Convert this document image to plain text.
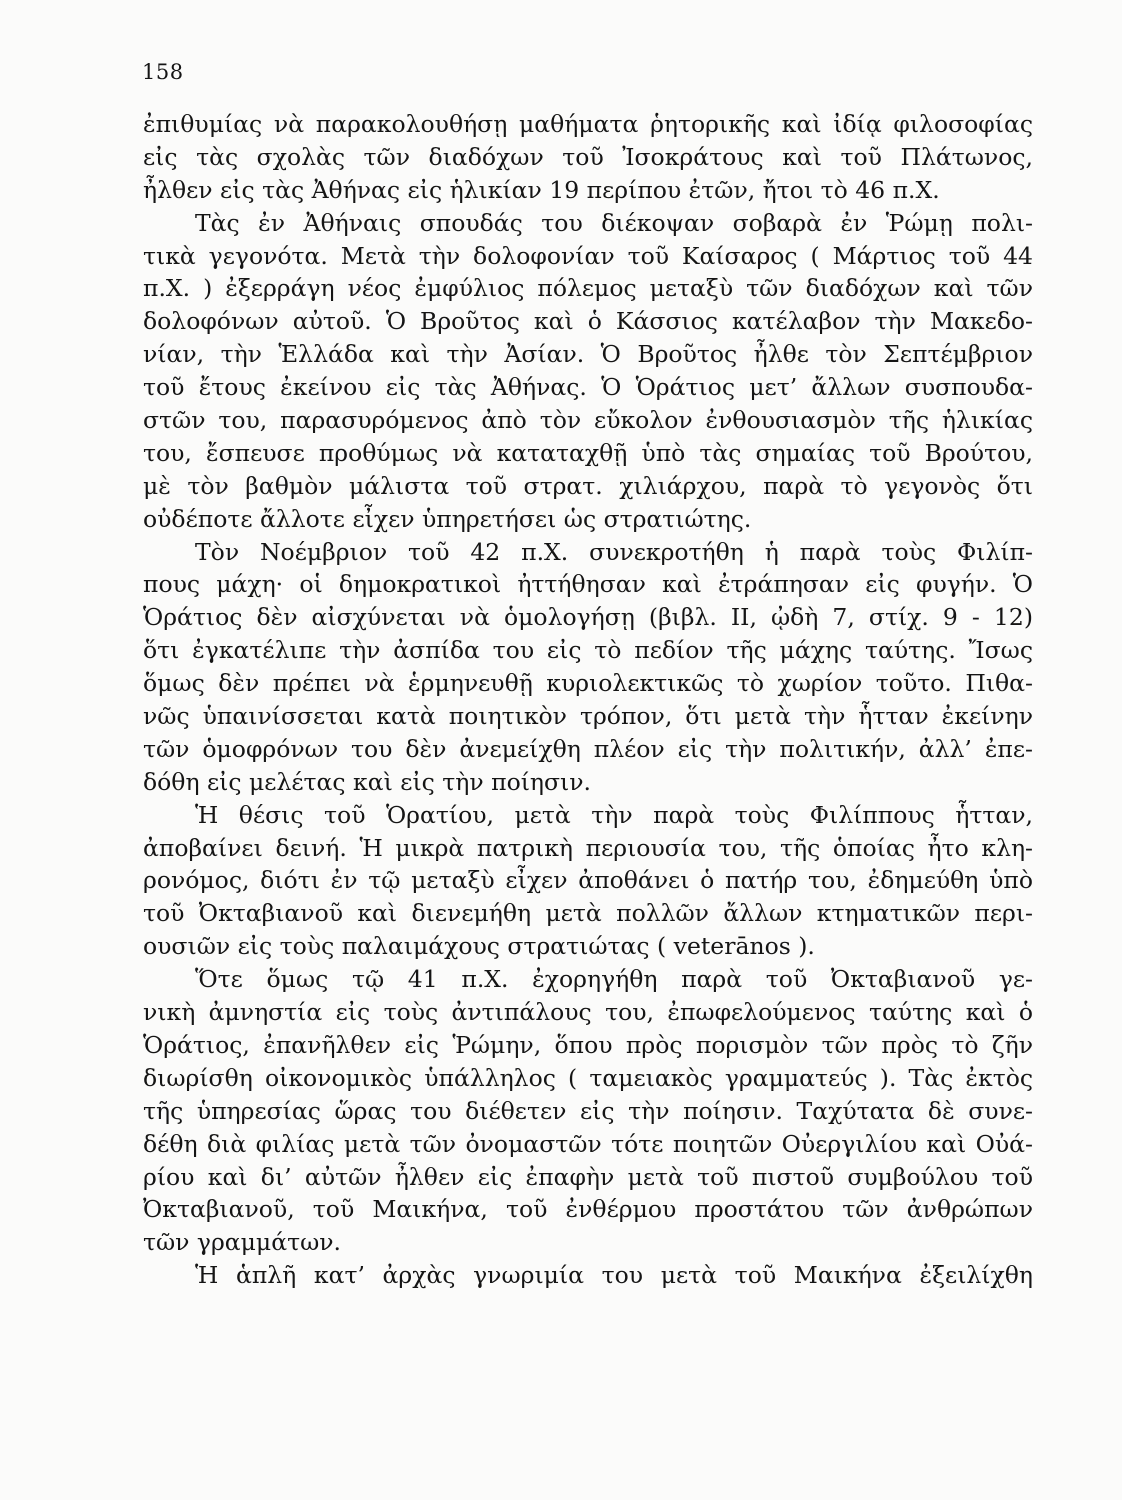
158
ἐπιθυμίας νὰ παρακολουθήσῃ μαθήματα ῥητορικῆς καὶ ἰδίᾳ φιλοσοφίας
εἰς τὰς σχολὰς τῶν διαδόχων τοῦ Ἰσοκράτους καὶ τοῦ Πλάτωνος,
ἦλθεν εἰς τὰς Ἀθήνας εἰς ἡλικίαν 19 περίπου ἐτῶν, ἤτοι τὸ 46 π.Χ.
Τὰς ἐν Ἀθήναις σπουδάς του διέκοψαν σοβαρὰ ἐν Ῥώμῃ πολι-
τικὰ γεγονότα. Μετὰ τὴν δολοφονίαν τοῦ Καίσαρος ( Μάρτιος τοῦ 44
π.Χ. ) ἐξερράγη νέος ἐμφύλιος πόλεμος μεταξὺ τῶν διαδόχων καὶ τῶν
δολοφόνων αὐτοῦ. Ὁ Βροῦτος καὶ ὁ Κάσσιος κατέλαβον τὴν Μακεδο-
νίαν, τὴν Ἑλλάδα καὶ τὴν Ἀσίαν. Ὁ Βροῦτος ἦλθε τὸν Σεπτέμβριον
τοῦ ἔτους ἐκείνου εἰς τὰς Ἀθήνας. Ὁ Ὁράτιος μετ’ ἄλλων συσπουδα-
στῶν του, παρασυρόμενος ἀπὸ τὸν εὔκολον ἐνθουσιασμὸν τῆς ἡλικίας
του, ἔσπευσε προθύμως νὰ καταταχθῇ ὑπὸ τὰς σημαίας τοῦ Βρούτου,
μὲ τὸν βαθμὸν μάλιστα τοῦ στρατ. χιλιάρχου, παρὰ τὸ γεγονὸς ὅτι
οὐδέποτε ἄλλοτε εἶχεν ὑπηρετήσει ὡς στρατιώτης.
Τὸν Νοέμβριον τοῦ 42 π.Χ. συνεκροτήθη ἡ παρὰ τοὺς Φιλίπ-
πους μάχη· οἱ δημοκρατικοὶ ἠττήθησαν καὶ ἐτράπησαν εἰς φυγήν. Ὁ
Ὁράτιος δὲν αἰσχύνεται νὰ ὁμολογήσῃ (βιβλ. II, ᾠδὴ 7, στίχ. 9 - 12)
ὅτι ἐγκατέλιπε τὴν ἀσπίδα του εἰς τὸ πεδίον τῆς μάχης ταύτης. Ἴσως
ὅμως δὲν πρέπει νὰ ἑρμηνευθῇ κυριολεκτικῶς τὸ χωρίον τοῦτο. Πιθα-
νῶς ὑπαινίσσεται κατὰ ποιητικὸν τρόπον, ὅτι μετὰ τὴν ἧτταν ἐκείνην
τῶν ὁμοφρόνων του δὲν ἀνεμείχθη πλέον εἰς τὴν πολιτικήν, ἀλλ’ ἐπε-
δόθη εἰς μελέτας καὶ εἰς τὴν ποίησιν.
Ἡ θέσις τοῦ Ὁρατίου, μετὰ τὴν παρὰ τοὺς Φιλίππους ἧτταν,
ἀποβαίνει δεινή. Ἡ μικρὰ πατρικὴ περιουσία του, τῆς ὁποίας ἦτο κλη-
ρονόμος, διότι ἐν τῷ μεταξὺ εἶχεν ἀποθάνει ὁ πατήρ του, ἐδημεύθη ὑπὸ
τοῦ Ὀκταβιανοῦ καὶ διενεμήθη μετὰ πολλῶν ἄλλων κτηματικῶν περι-
ουσιῶν εἰς τοὺς παλαιμάχους στρατιώτας ( veterānos ).
Ὅτε ὅμως τῷ 41 π.Χ. ἐχορηγήθη παρὰ τοῦ Ὀκταβιανοῦ γε-
νικὴ ἀμνηστία εἰς τοὺς ἀντιπάλους του, ἐπωφελούμενος ταύτης καὶ ὁ
Ὁράτιος, ἐπανῆλθεν εἰς Ῥώμην, ὅπου πρὸς πορισμὸν τῶν πρὸς τὸ ζῆν
διωρίσθη οἰκονομικὸς ὑπάλληλος ( ταμειακὸς γραμματεύς ). Τὰς ἐκτὸς
τῆς ὑπηρεσίας ὥρας του διέθετεν εἰς τὴν ποίησιν. Ταχύτατα δὲ συνε-
δέθη διὰ φιλίας μετὰ τῶν ὀνομαστῶν τότε ποιητῶν Οὐεργιλίου καὶ Οὐά-
ρίου καὶ δι’ αὐτῶν ἦλθεν εἰς ἐπαφὴν μετὰ τοῦ πιστοῦ συμβούλου τοῦ
Ὀκταβιανοῦ, τοῦ Μαικήνα, τοῦ ἐνθέρμου προστάτου τῶν ἀνθρώπων
τῶν γραμμάτων.
Ἡ ἁπλῆ κατ’ ἀρχὰς γνωριμία του μετὰ τοῦ Μαικήνα ἐξειλίχθη
